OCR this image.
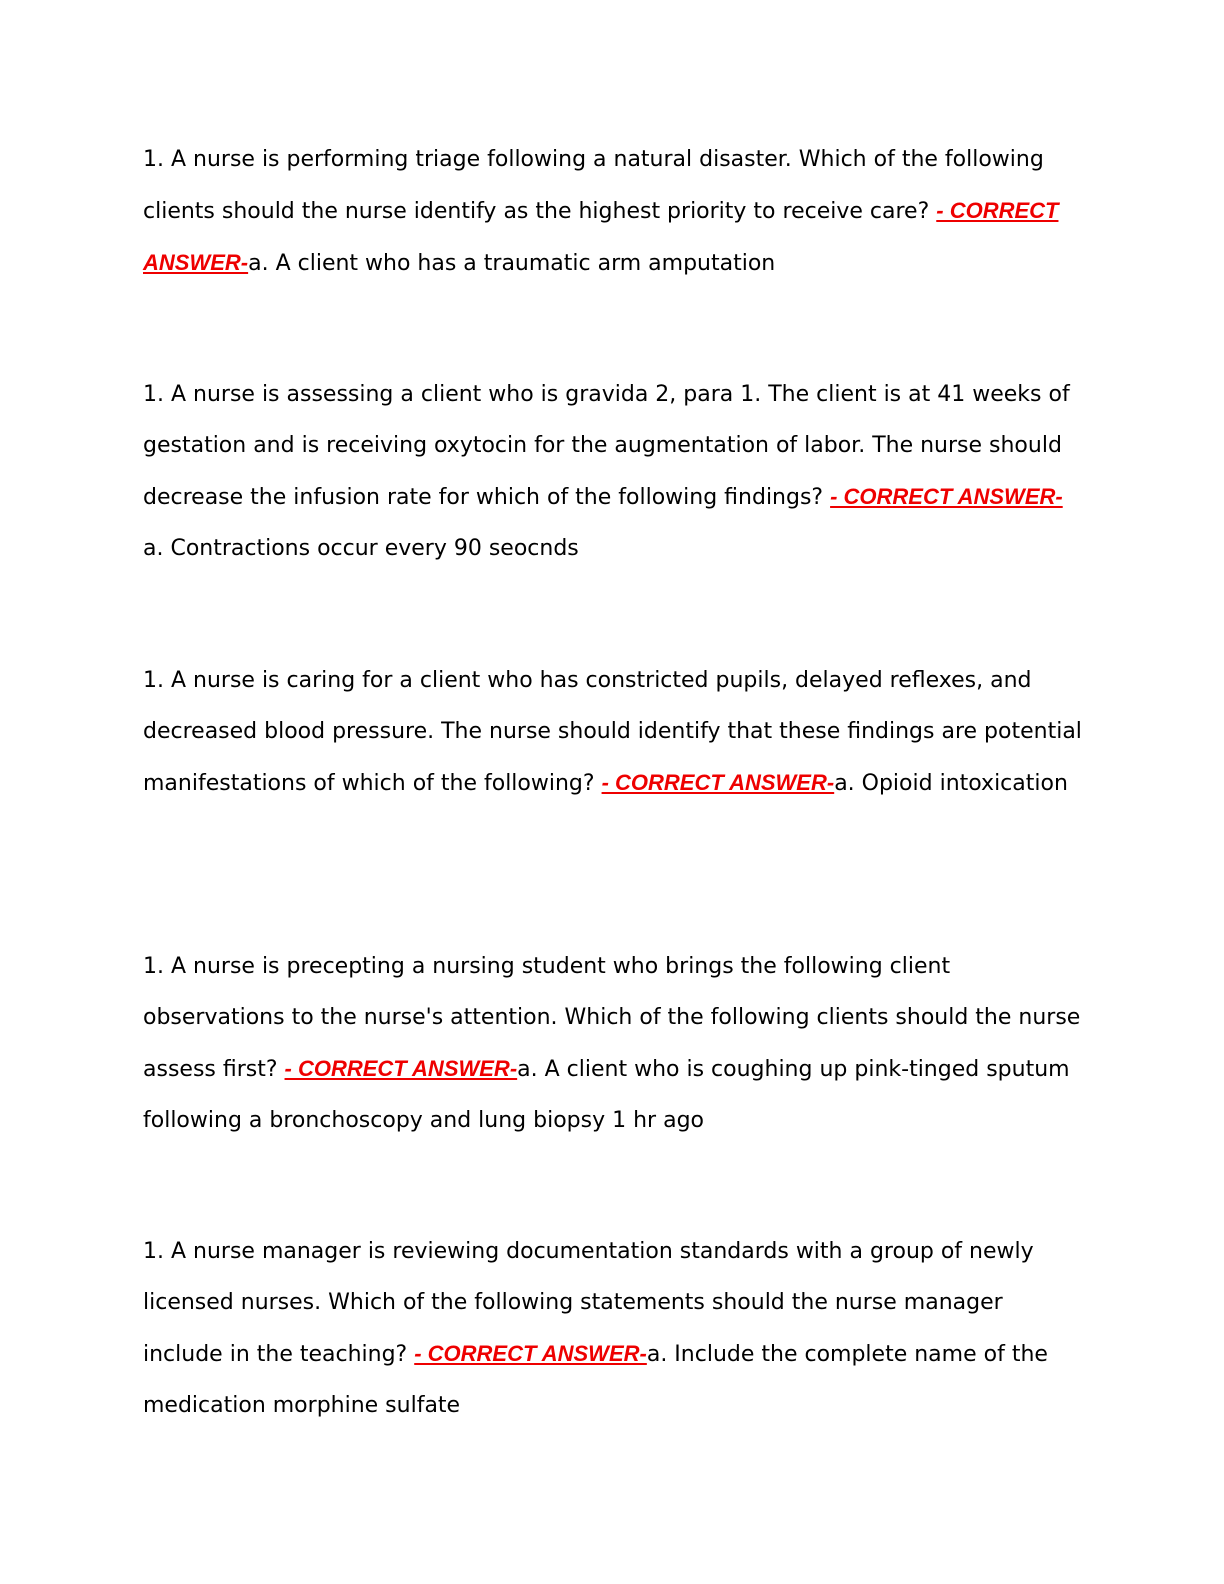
1. A nurse is performing triage following a natural disaster. Which of the following clients should the nurse identify as the highest priority to receive care? - CORRECT ANSWER-a. A client who has a traumatic arm amputation

1. A nurse is assessing a client who is gravida 2, para 1. The client is at 41 weeks of gestation and is receiving oxytocin for the augmentation of labor. The nurse should decrease the infusion rate for which of the following findings? - CORRECT ANSWER-a. Contractions occur every 90 seocnds

1. A nurse is caring for a client who has constricted pupils, delayed reflexes, and decreased blood pressure. The nurse should identify that these findings are potential manifestations of which of the following? - CORRECT ANSWER-a. Opioid intoxication

1. A nurse is precepting a nursing student who brings the following client observations to the nurse's attention. Which of the following clients should the nurse assess first? - CORRECT ANSWER-a. A client who is coughing up pink-tinged sputum following a bronchoscopy and lung biopsy 1 hr ago

1. A nurse manager is reviewing documentation standards with a group of newly licensed nurses. Which of the following statements should the nurse manager include in the teaching? - CORRECT ANSWER-a. Include the complete name of the medication morphine sulfate
